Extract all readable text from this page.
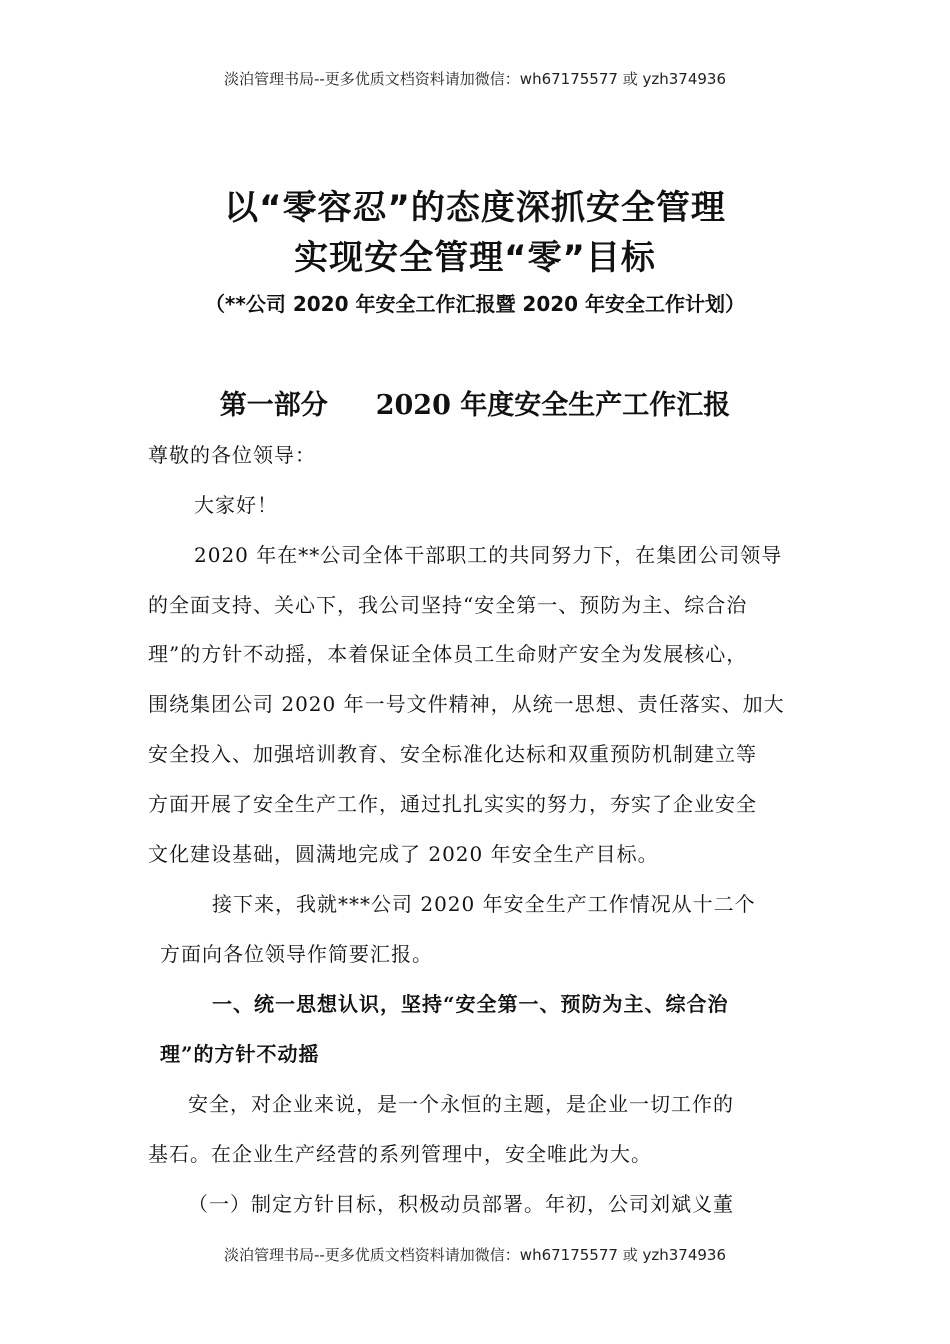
淡泊管理书局--更多优质文档资料请加微信：wh67175577 或 yzh374936
以“零容忍”的态度深抓安全管理
实现安全管理“零”目标
（**公司 2020 年安全工作汇报暨 2020 年安全工作计划）
第一部分 2020 年度安全生产工作汇报
尊敬的各位领导：
大家好！
2020 年在**公司全体干部职工的共同努力下，在集团公司领导
的全面支持、关心下，我公司坚持“安全第一、预防为主、综合治
理”的方针不动摇，本着保证全体员工生命财产安全为发展核心，
围绕集团公司 2020 年一号文件精神，从统一思想、责任落实、加大
安全投入、加强培训教育、安全标准化达标和双重预防机制建立等
方面开展了安全生产工作，通过扎扎实实的努力，夯实了企业安全
文化建设基础，圆满地完成了 2020 年安全生产目标。
接下来，我就***公司 2020 年安全生产工作情况从十二个
方面向各位领导作简要汇报。
一、统一思想认识，坚持“安全第一、预防为主、综合治
理”的方针不动摇
安全，对企业来说，是一个永恒的主题，是企业一切工作的
基石。在企业生产经营的系列管理中，安全唯此为大。
（一）制定方针目标，积极动员部署。年初，公司刘斌义董
淡泊管理书局--更多优质文档资料请加微信：wh67175577 或 yzh374936
